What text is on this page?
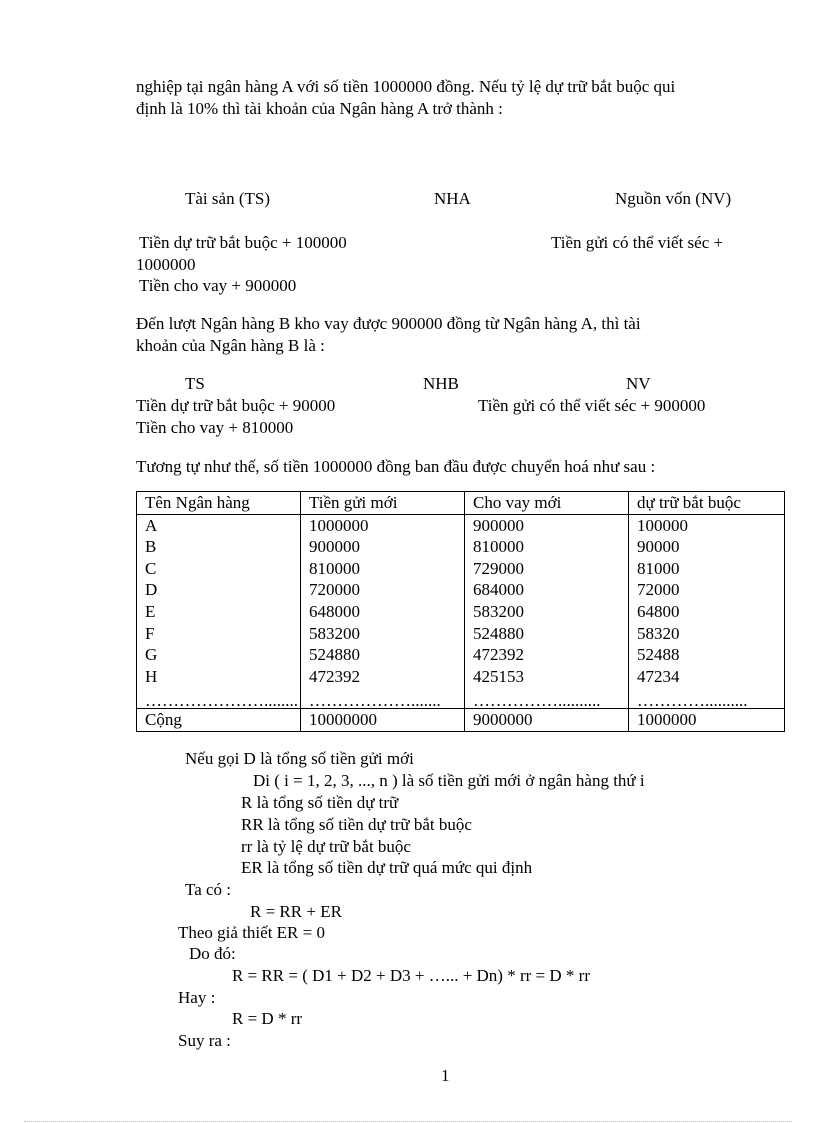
nghiệp tại ngân hàng A với số tiền 1000000 đồng. Nếu tỷ lệ dự trữ bắt buộc qui
định là 10% thì tài khoản của Ngân hàng A trở thành :
Tài sản (TS)	NHA	Nguồn vốn (NV)
Tiền dự trữ bắt buộc + 100000	Tiền gửi có thể viết séc +
1000000
Tiền cho vay + 900000
Đến lượt Ngân hàng B kho vay được 900000 đồng từ Ngân hàng A, thì tài
khoản của Ngân hàng B là :
TS	NHB	NV
Tiền dự trữ bắt buộc + 90000	Tiền gửi có thể viết séc + 900000
Tiền cho vay + 810000
Tương tự như thế, số tiền 1000000 đồng ban đầu được chuyển hoá như sau :
Tên Ngân hàng	Tiền gửi mới	Cho vay mới	dự trữ bắt buộc
A	1000000	900000	100000
B	900000	810000	90000
C	810000	729000	81000
D	720000	684000	72000
E	648000	583200	64800
F	583200	524880	58320
G	524880	472392	52488
H	472392	425153	47234
…………………........	……………….......	……………..........	…………..........
Cộng	10000000	9000000	1000000
Nếu gọi D là tổng số tiền gửi mới
Di ( i = 1, 2, 3, ..., n ) là số tiền gửi mới ở ngân hàng thứ i
R là tổng số tiền dự trữ
RR là tổng số tiền dự trữ bắt buộc
rr là tỷ lệ dự trữ bắt buộc
ER là tổng số tiền dự trữ quá mức qui định
Ta có :
R = RR + ER
Theo giả thiết ER = 0
Do đó:
R = RR = ( D1 + D2 + D3 + …... + Dn) * rr = D * rr
Hay :
R = D * rr
Suy ra :
1
